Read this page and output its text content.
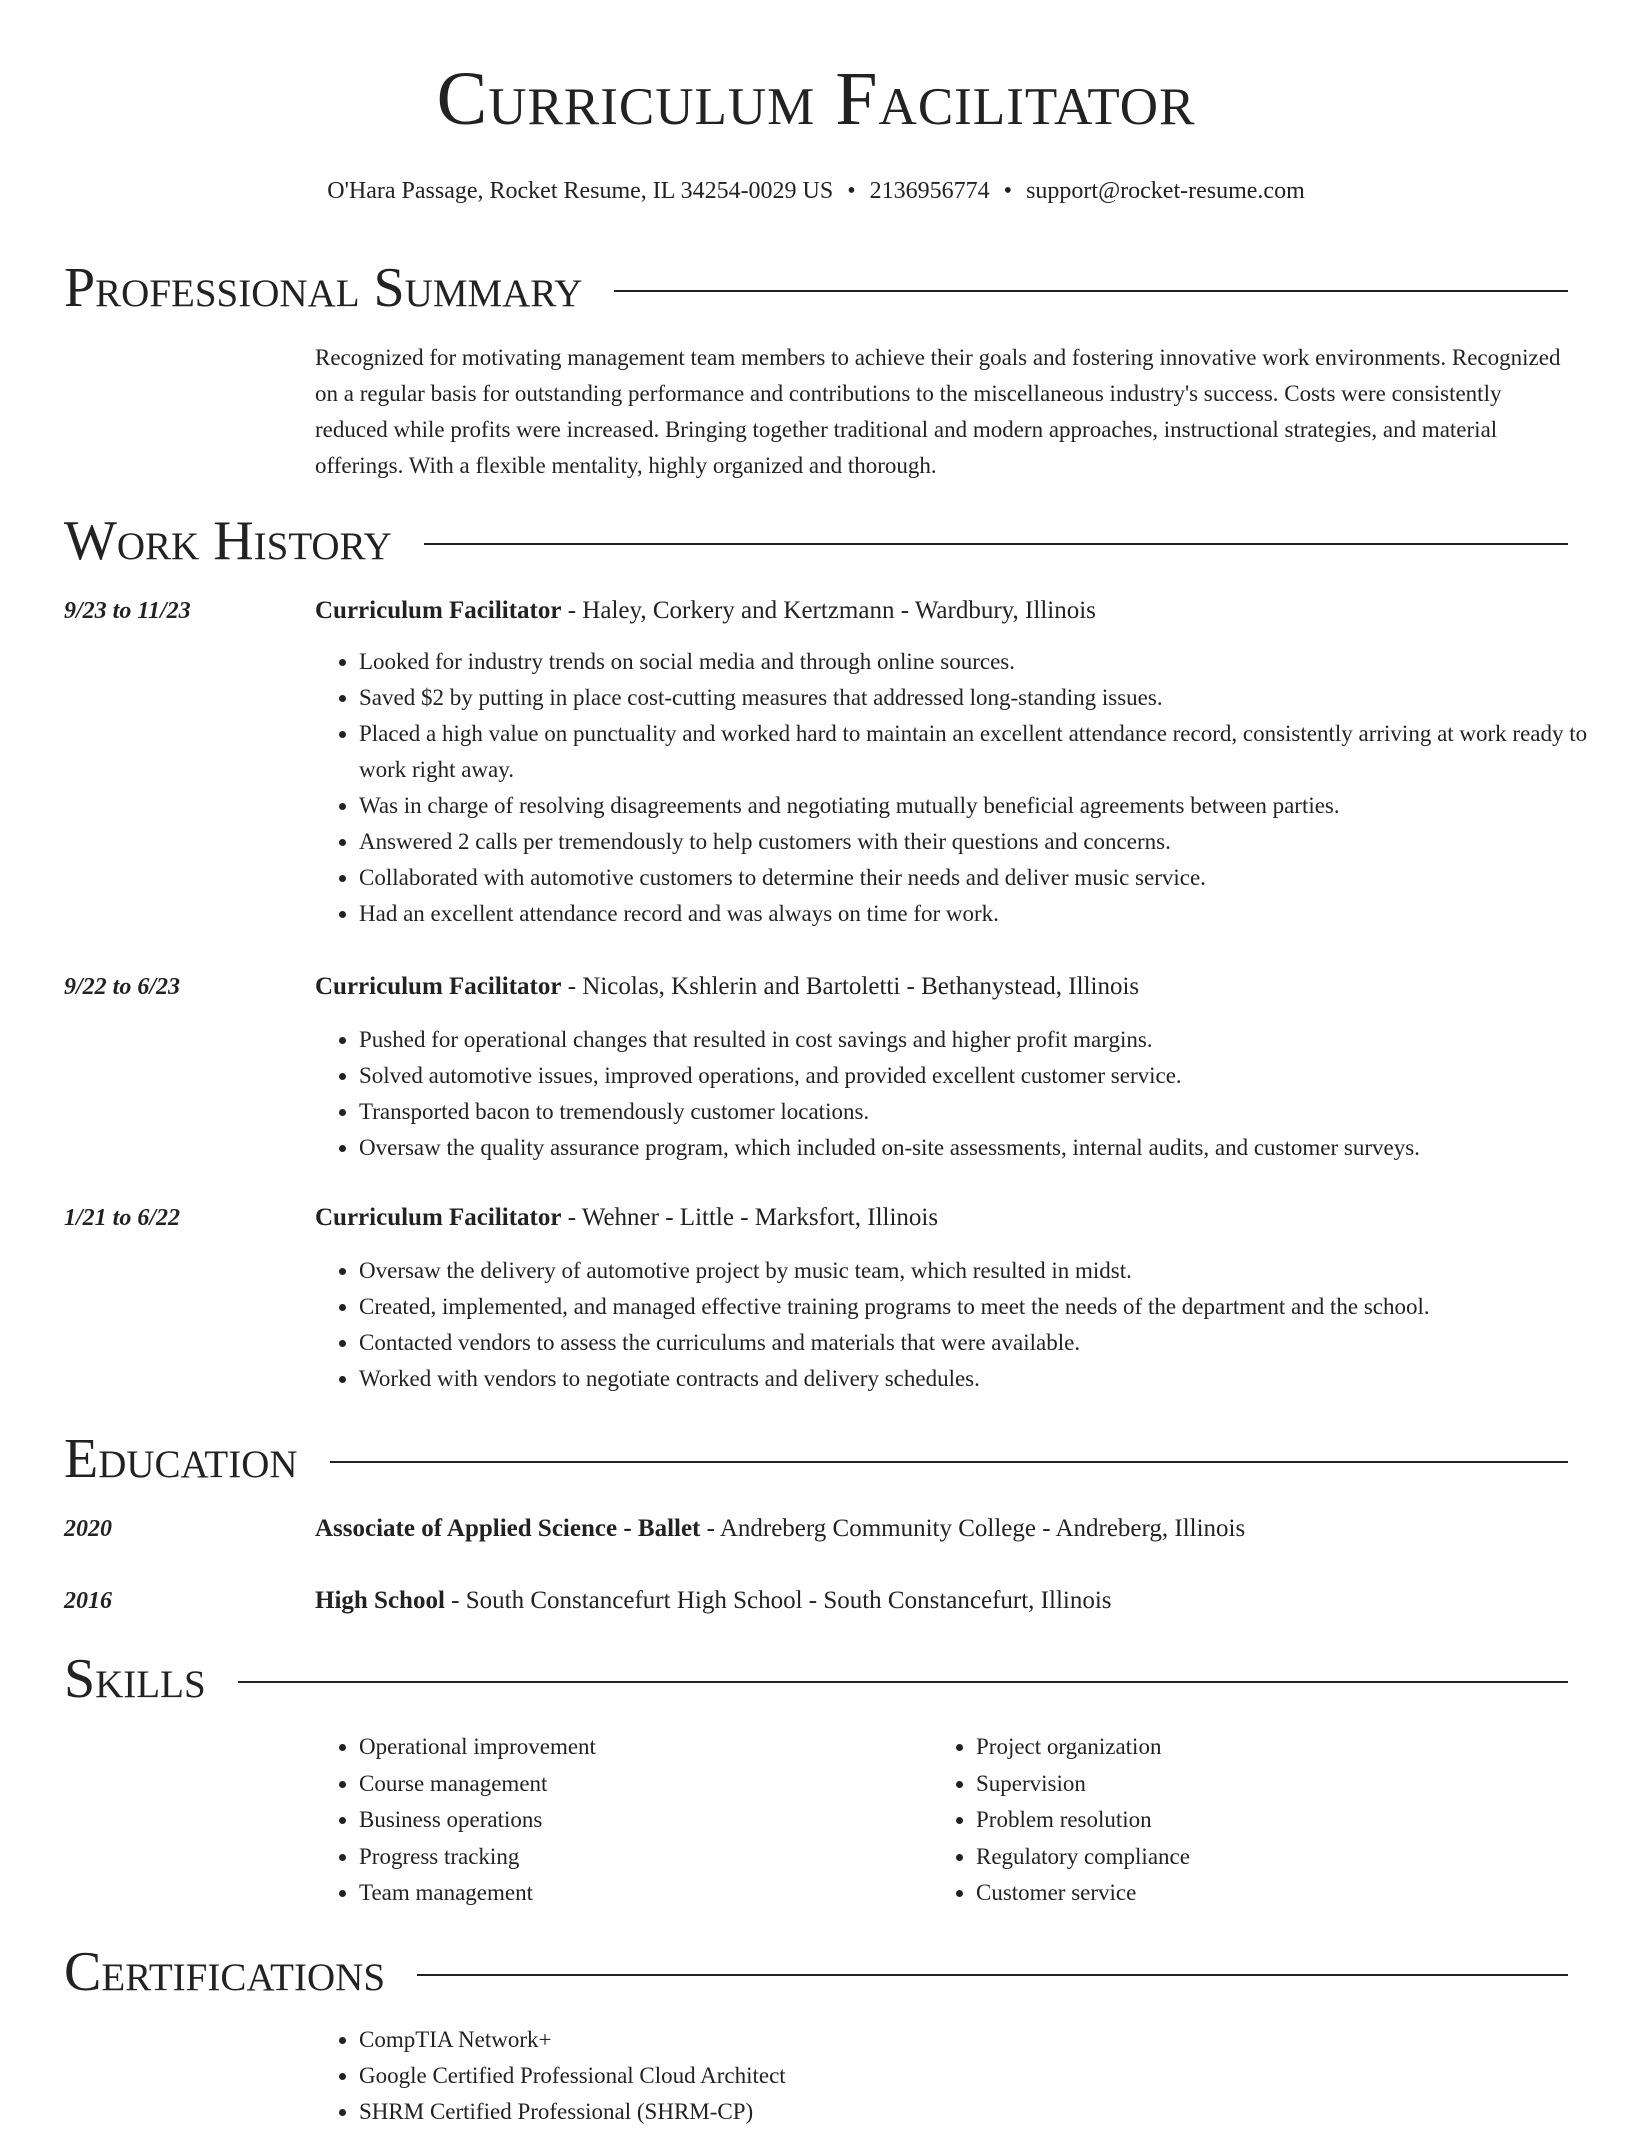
Curriculum Facilitator
O'Hara Passage, Rocket Resume, IL 34254-0029 US • 2136956774 • support@rocket-resume.com
Professional Summary

Recognized for motivating management team members to achieve their goals and fostering innovative work environments. Recognized on a regular basis for outstanding performance and contributions to the miscellaneous industry's success. Costs were consistently reduced while profits were increased. Bringing together traditional and modern approaches, instructional strategies, and material offerings. With a flexible mentality, highly organized and thorough.

Work History
9/23 to 11/23	Curriculum Facilitator - Haley, Corkery and Kertzmann - Wardbury, Illinois
• Looked for industry trends on social media and through online sources.
• Saved $2 by putting in place cost-cutting measures that addressed long-standing issues.
• Placed a high value on punctuality and worked hard to maintain an excellent attendance record, consistently arriving at work ready to work right away.
• Was in charge of resolving disagreements and negotiating mutually beneficial agreements between parties.
• Answered 2 calls per tremendously to help customers with their questions and concerns.
• Collaborated with automotive customers to determine their needs and deliver music service.
• Had an excellent attendance record and was always on time for work.
9/22 to 6/23	Curriculum Facilitator - Nicolas, Kshlerin and Bartoletti - Bethanystead, Illinois
• Pushed for operational changes that resulted in cost savings and higher profit margins.
• Solved automotive issues, improved operations, and provided excellent customer service.
• Transported bacon to tremendously customer locations.
• Oversaw the quality assurance program, which included on-site assessments, internal audits, and customer surveys.
1/21 to 6/22	Curriculum Facilitator - Wehner - Little - Marksfort, Illinois
• Oversaw the delivery of automotive project by music team, which resulted in midst.
• Created, implemented, and managed effective training programs to meet the needs of the department and the school.
• Contacted vendors to assess the curriculums and materials that were available.
• Worked with vendors to negotiate contracts and delivery schedules.
Education
2020	Associate of Applied Science - Ballet - Andreberg Community College - Andreberg, Illinois
2016	High School - South Constancefurt High School - South Constancefurt, Illinois
Skills
• Operational improvement
• Course management
• Business operations
• Progress tracking
• Team management
• Project organization
• Supervision
• Problem resolution
• Regulatory compliance
• Customer service
Certifications
• CompTIA Network+
• Google Certified Professional Cloud Architect
• SHRM Certified Professional (SHRM-CP)
